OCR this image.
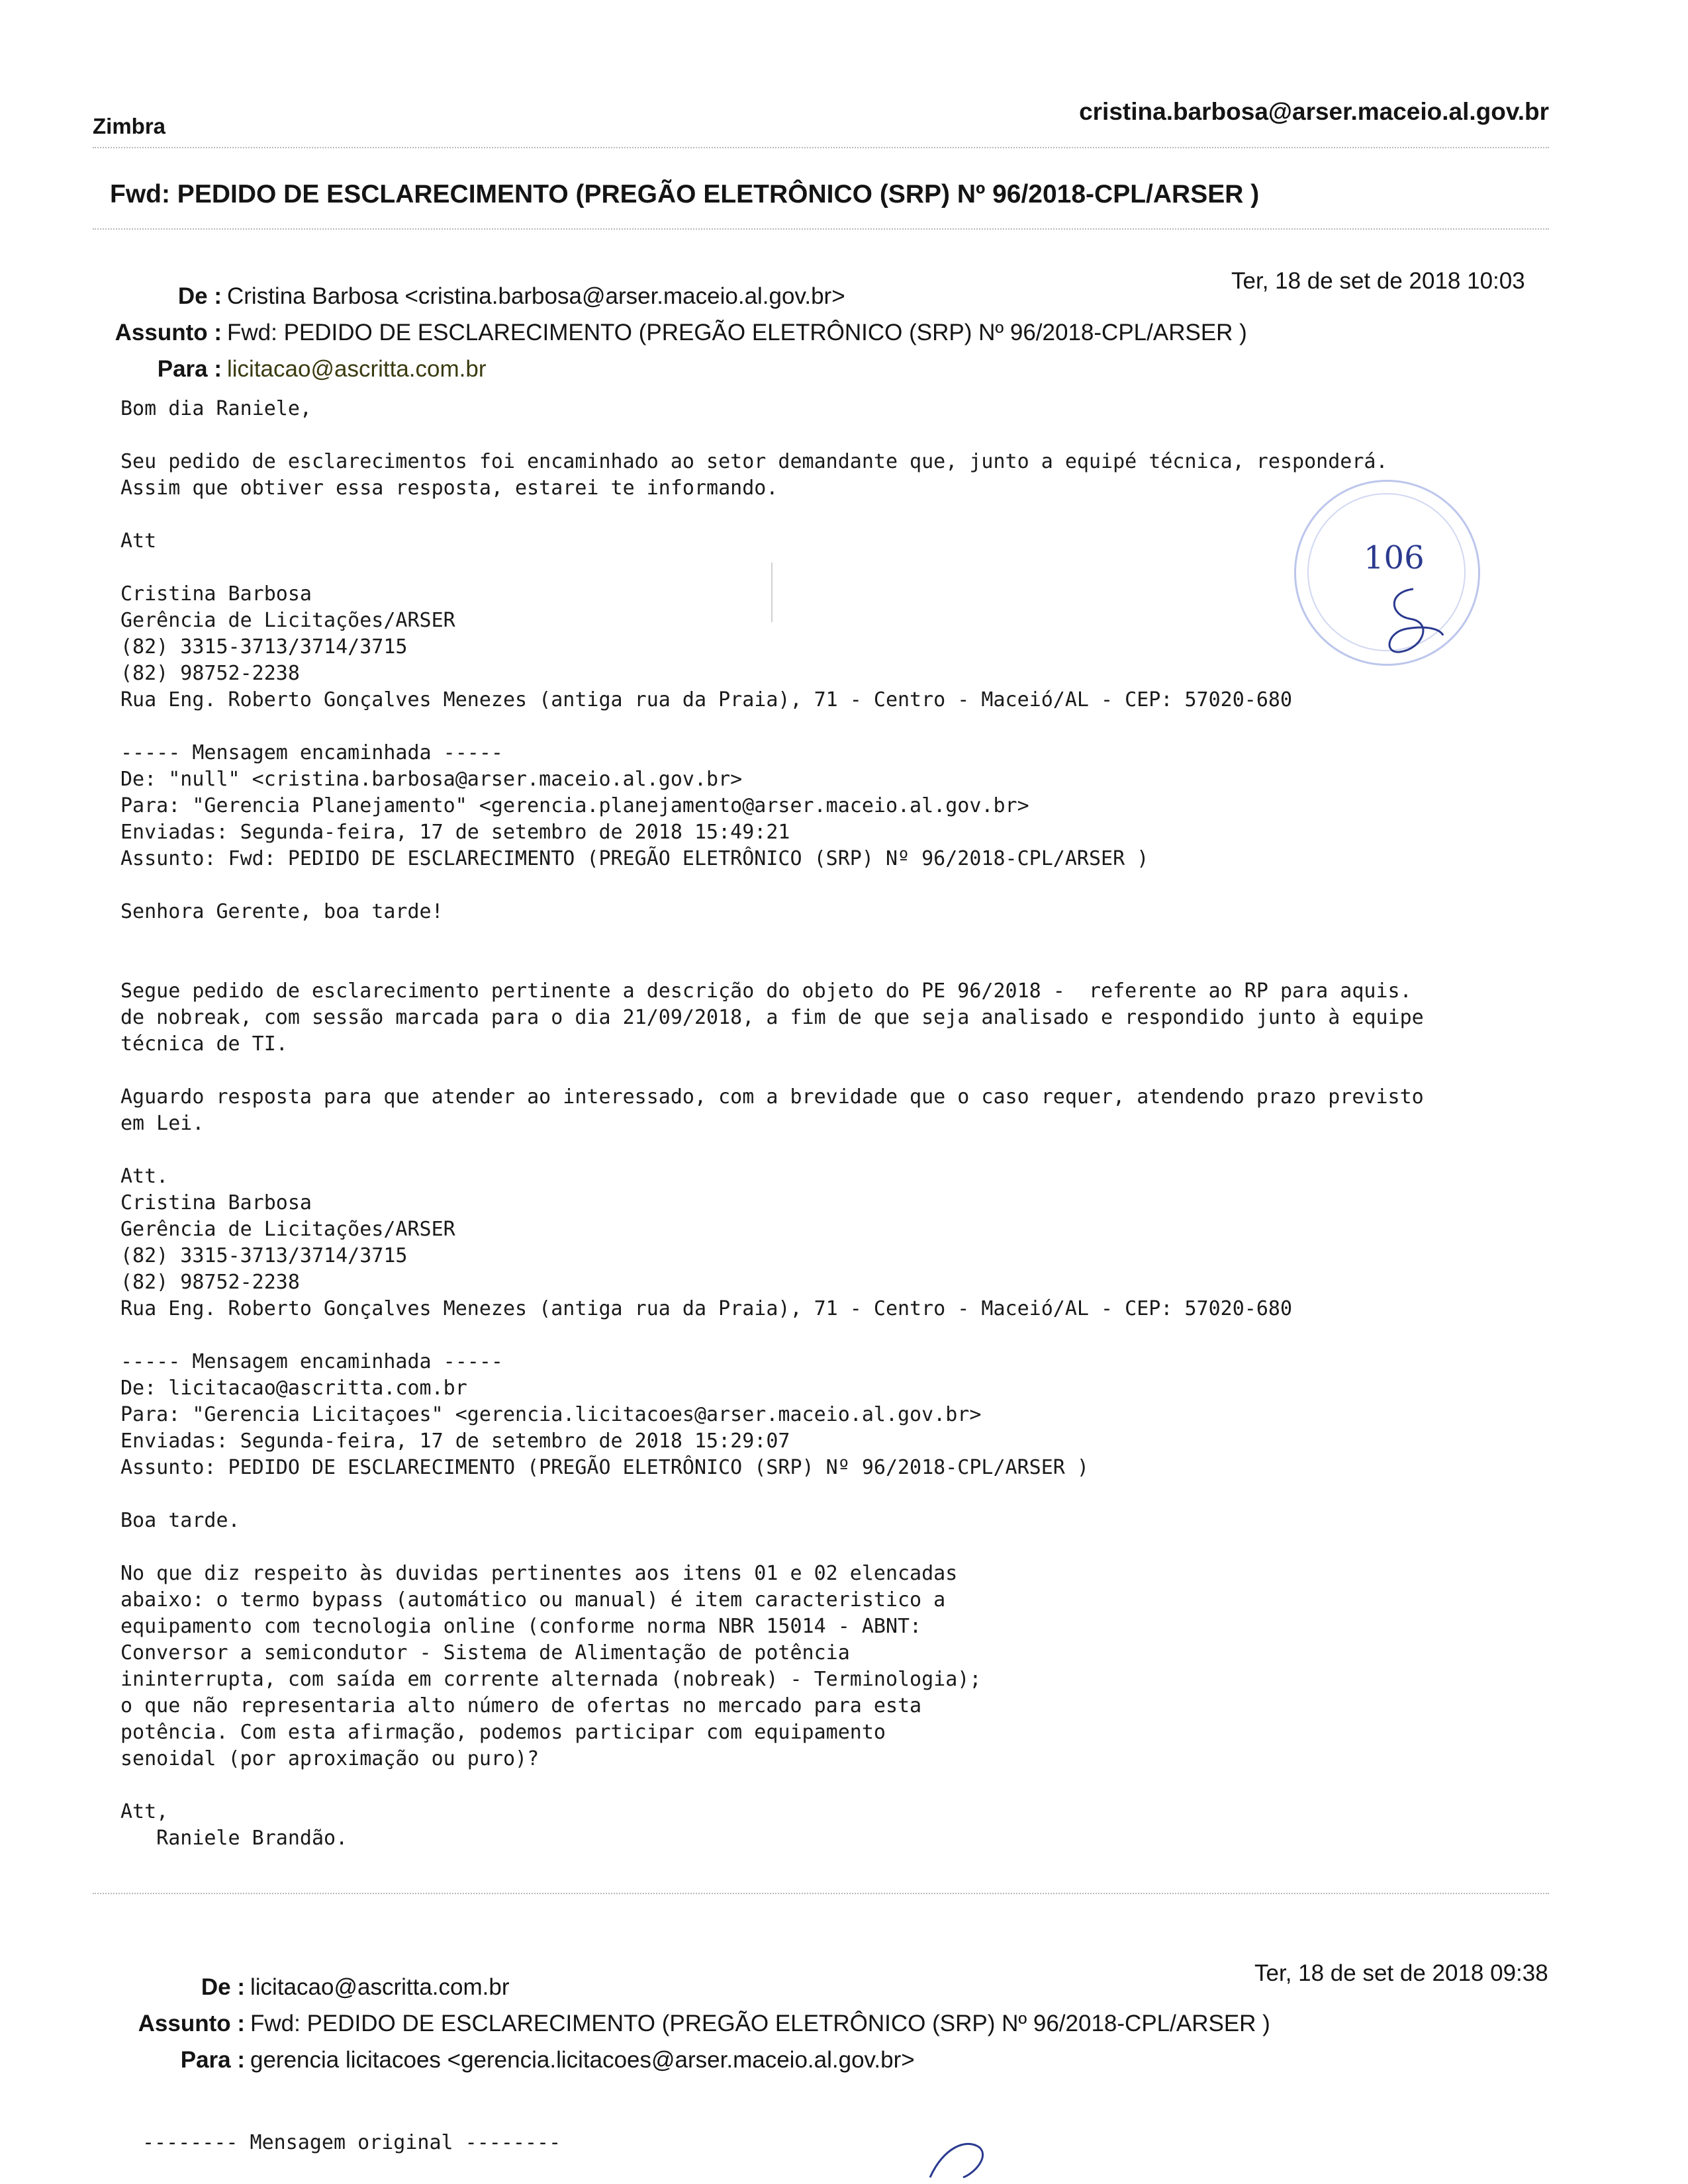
Zimbra
cristina.barbosa@arser.maceio.al.gov.br
Fwd: PEDIDO DE ESCLARECIMENTO (PREGÃO ELETRÔNICO (SRP) Nº 96/2018-CPL/ARSER )
De : Cristina Barbosa <cristina.barbosa@arser.maceio.al.gov.br>
Assunto : Fwd: PEDIDO DE ESCLARECIMENTO (PREGÃO ELETRÔNICO (SRP) Nº 96/2018-CPL/ARSER )
Para : licitacao@ascritta.com.br
Ter, 18 de set de 2018 10:03
106
Bom dia Raniele,

Seu pedido de esclarecimentos foi encaminhado ao setor demandante que, junto a equipé técnica, responderá.
Assim que obtiver essa resposta, estarei te informando.

Att

Cristina Barbosa
Gerência de Licitações/ARSER
(82) 3315-3713/3714/3715
(82) 98752-2238
Rua Eng. Roberto Gonçalves Menezes (antiga rua da Praia), 71 - Centro - Maceió/AL - CEP: 57020-680

----- Mensagem encaminhada -----
De: "null" <cristina.barbosa@arser.maceio.al.gov.br>
Para: "Gerencia Planejamento" <gerencia.planejamento@arser.maceio.al.gov.br>
Enviadas: Segunda-feira, 17 de setembro de 2018 15:49:21
Assunto: Fwd: PEDIDO DE ESCLARECIMENTO (PREGÃO ELETRÔNICO (SRP) Nº 96/2018-CPL/ARSER )

Senhora Gerente, boa tarde!

Segue pedido de esclarecimento pertinente a descrição do objeto do PE 96/2018 -  referente ao RP para aquis.
de nobreak, com sessão marcada para o dia 21/09/2018, a fim de que seja analisado e respondido junto à equipe
técnica de TI.

Aguardo resposta para que atender ao interessado, com a brevidade que o caso requer, atendendo prazo previsto
em Lei.

Att.
Cristina Barbosa
Gerência de Licitações/ARSER
(82) 3315-3713/3714/3715
(82) 98752-2238
Rua Eng. Roberto Gonçalves Menezes (antiga rua da Praia), 71 - Centro - Maceió/AL - CEP: 57020-680

----- Mensagem encaminhada -----
De: licitacao@ascritta.com.br
Para: "Gerencia Licitaçoes" <gerencia.licitacoes@arser.maceio.al.gov.br>
Enviadas: Segunda-feira, 17 de setembro de 2018 15:29:07
Assunto: PEDIDO DE ESCLARECIMENTO (PREGÃO ELETRÔNICO (SRP) Nº 96/2018-CPL/ARSER )

Boa tarde.

No que diz respeito às duvidas pertinentes aos itens 01 e 02 elencadas
abaixo: o termo bypass (automático ou manual) é item caracteristico a
equipamento com tecnologia online (conforme norma NBR 15014 - ABNT:
Conversor a semicondutor - Sistema de Alimentação de potência
ininterrupta, com saída em corrente alternada (nobreak) - Terminologia);
o que não representaria alto número de ofertas no mercado para esta
potência. Com esta afirmação, podemos participar com equipamento
senoidal (por aproximação ou puro)?

Att,
Raniele Brandão.
De : licitacao@ascritta.com.br
Assunto : Fwd: PEDIDO DE ESCLARECIMENTO (PREGÃO ELETRÔNICO (SRP) Nº 96/2018-CPL/ARSER )
Para : gerencia licitacoes <gerencia.licitacoes@arser.maceio.al.gov.br>
Ter, 18 de set de 2018 09:38
-------- Mensagem original --------
